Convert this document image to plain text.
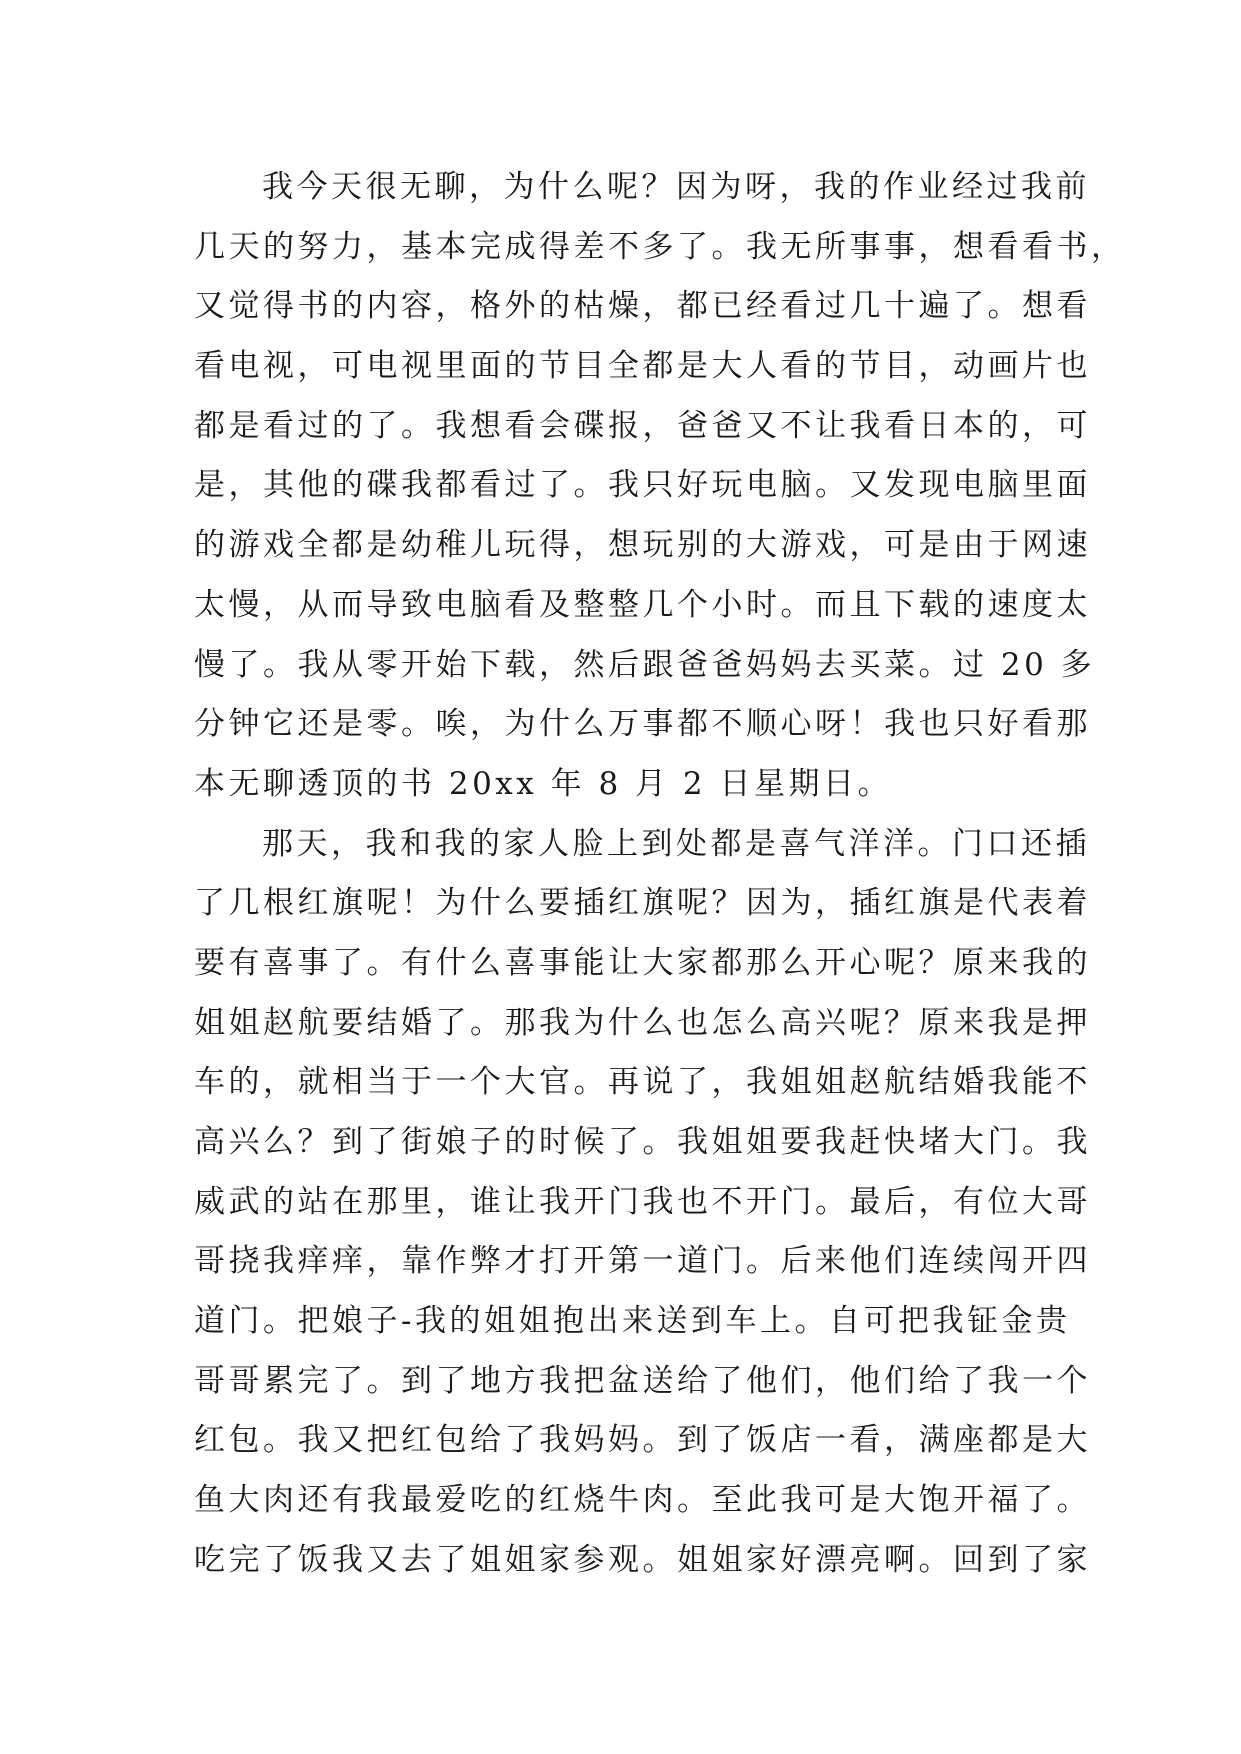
我今天很无聊，为什么呢？因为呀，我的作业经过我前
几天的努力，基本完成得差不多了。我无所事事，想看看书，
又觉得书的内容，格外的枯燥，都已经看过几十遍了。想看
看电视，可电视里面的节目全都是大人看的节目，动画片也
都是看过的了。我想看会碟报，爸爸又不让我看日本的，可
是，其他的碟我都看过了。我只好玩电脑。又发现电脑里面
的游戏全都是幼稚儿玩得，想玩别的大游戏，可是由于网速
太慢，从而导致电脑看及整整几个小时。而且下载的速度太
慢了。我从零开始下载，然后跟爸爸妈妈去买菜。过 20 多
分钟它还是零。唉，为什么万事都不顺心呀！我也只好看那
本无聊透顶的书 20xx 年 8 月 2 日星期日。
那天，我和我的家人脸上到处都是喜气洋洋。门口还插
了几根红旗呢！为什么要插红旗呢？因为，插红旗是代表着
要有喜事了。有什么喜事能让大家都那么开心呢？原来我的
姐姐赵航要结婚了。那我为什么也怎么高兴呢？原来我是押
车的，就相当于一个大官。再说了，我姐姐赵航结婚我能不
高兴么？到了街娘子的时候了。我姐姐要我赶快堵大门。我
威武的站在那里，谁让我开门我也不开门。最后，有位大哥
哥挠我痒痒，靠作弊才打开第一道门。后来他们连续闯开四
道门。把娘子-我的姐姐抱出来送到车上。自可把我钲金贵
哥哥累完了。到了地方我把盆送给了他们，他们给了我一个
红包。我又把红包给了我妈妈。到了饭店一看，满座都是大
鱼大肉还有我最爱吃的红烧牛肉。至此我可是大饱开福了。
吃完了饭我又去了姐姐家参观。姐姐家好漂亮啊。回到了家
